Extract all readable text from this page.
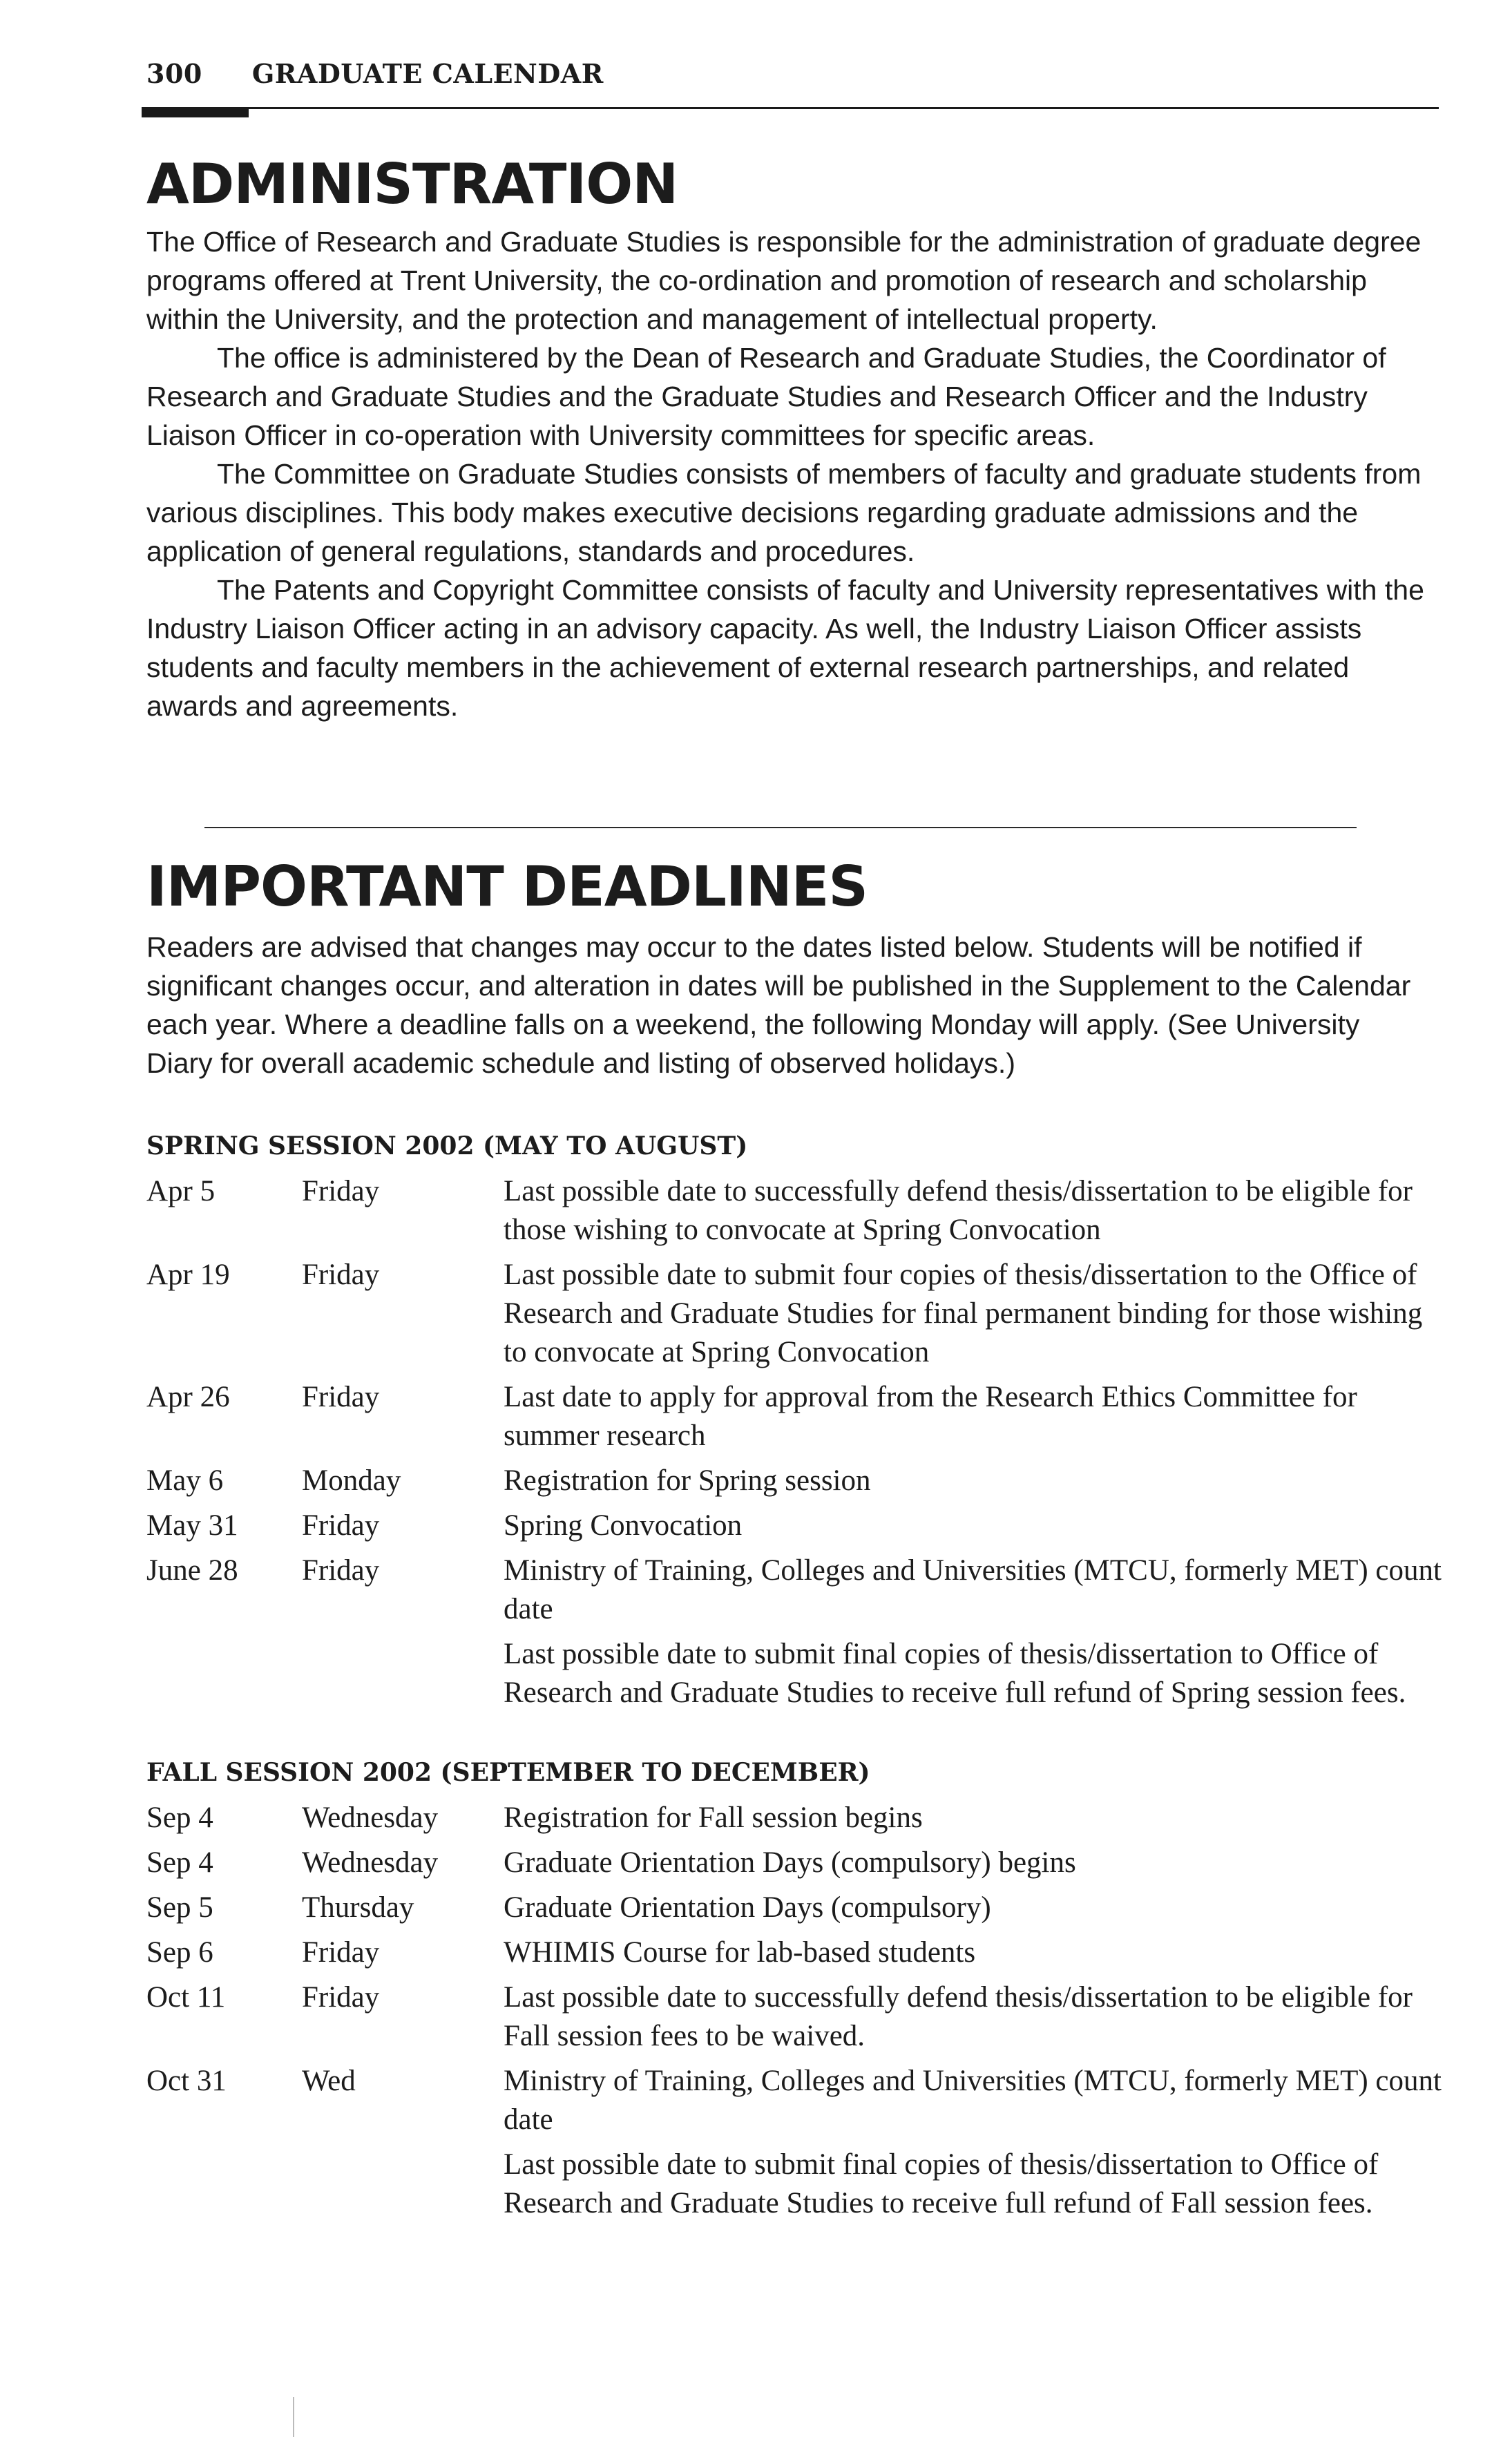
300 GRADUATE CALENDAR
ADMINISTRATION

The Office of Research and Graduate Studies is responsible for the administration of graduate degree programs offered at Trent University, the co-ordination and promotion of research and scholarship within the University, and the protection and management of intellectual property.

The office is administered by the Dean of Research and Graduate Studies, the Coordinator of Research and Graduate Studies and the Graduate Studies and Research Officer and the Industry Liaison Officer in co-operation with University committees for specific areas.

The Committee on Graduate Studies consists of members of faculty and graduate students from various disciplines. This body makes executive decisions regarding graduate admissions and the application of general regulations, standards and procedures.

The Patents and Copyright Committee consists of faculty and University representatives with the Industry Liaison Officer acting in an advisory capacity. As well, the Industry Liaison Officer assists students and faculty members in the achievement of external research partnerships, and related awards and agreements.

IMPORTANT DEADLINES

Readers are advised that changes may occur to the dates listed below. Students will be notified if significant changes occur, and alteration in dates will be published in the Supplement to the Calendar each year. Where a deadline falls on a weekend, the following Monday will apply. (See University Diary for overall academic schedule and listing of observed holidays.)

SPRING SESSION 2002 (MAY TO AUGUST)
Apr 5	Friday	Last possible date to successfully defend thesis/dissertation to be eligible for those wishing to convocate at Spring Convocation
Apr 19	Friday	Last possible date to submit four copies of thesis/dissertation to the Office of Research and Graduate Studies for final permanent binding for those wishing to convocate at Spring Convocation
Apr 26	Friday	Last date to apply for approval from the Research Ethics Committee for summer research
May 6	Monday	Registration for Spring session
May 31	Friday	Spring Convocation
June 28	Friday	Ministry of Training, Colleges and Universities (MTCU, formerly MET) count date
Last possible date to submit final copies of thesis/dissertation to Office of Research and Graduate Studies to receive full refund of Spring session fees.
FALL SESSION 2002 (SEPTEMBER TO DECEMBER)
Sep 4	Wednesday	Registration for Fall session begins
Sep 4	Wednesday	Graduate Orientation Days (compulsory) begins
Sep 5	Thursday	Graduate Orientation Days (compulsory)
Sep 6	Friday	WHIMIS Course for lab-based students
Oct 11	Friday	Last possible date to successfully defend thesis/dissertation to be eligible for Fall session fees to be waived.
Oct 31	Wed	Ministry of Training, Colleges and Universities (MTCU, formerly MET) count date
Last possible date to submit final copies of thesis/dissertation to Office of Research and Graduate Studies to receive full refund of Fall session fees.
